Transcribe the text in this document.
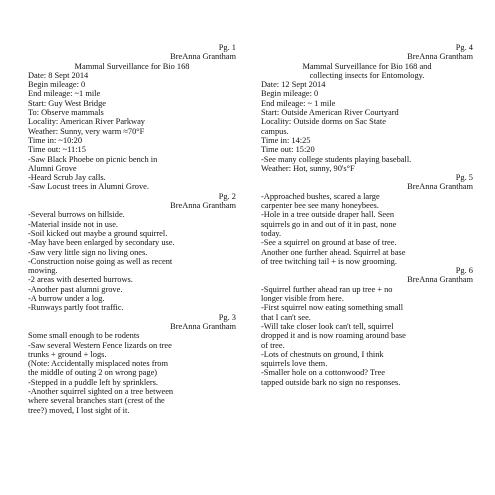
Pg. 1
BreAnna Grantham
Mammal Surveillance for Bio 168
Date: 8 Sept 2014
Begin mileage: 0
End mileage: ~1 mile
Start: Guy West Bridge
To: Observe mammals
Locality: American River Parkway
Weather: Sunny, very warm ≈70°F
Time in: ~10:20
Time out: ~11:15
-Saw Black Phoebe on picnic bench in
Alumni Grove
-Heard Scrub Jay calls.
-Saw Locust trees in Alumni Grove.
Pg. 2
BreAnna Grantham
-Several burrows on hillside.
-Material inside not in use.
-Soil kicked out maybe a ground squirrel.
-May have been enlarged by secondary use.
-Saw very little sign no living ones.
-Construction noise going as well as recent
mowing.
-2 areas with deserted burrows.
-Another past alumni grove.
-A burrow under a log.
-Runways partly foot traffic.
Pg. 3
BreAnna Grantham
Some small enough to be rodents
-Saw several Western Fence lizards on tree
trunks + ground + logs.
(Note: Accidentally misplaced notes from
the middle of outing 2 on wrong page)
-Stepped in a puddle left by sprinklers.
-Another squirrel sighted on a tree between
where several branches start (crest of the
tree?) moved, I lost sight of it.
Pg. 4
BreAnna Grantham
Mammal Surveillance for Bio 168 and
collecting insects for Entomology.
Date: 12 Sept 2014
Begin mileage: 0
End mileage: ~ 1 mile
Start: Outside American River Courtyard
Locality: Outside dorms on Sac State
campus.
Time in: 14:25
Time out: 15:20
-See many college students playing baseball.
Weather: Hot, sunny, 90's°F
Pg. 5
BreAnna Grantham
-Approached bushes, scared a large
carpenter bee see many honeybees.
-Hole in a tree outside draper hall. Seen
squirrels go in and out of it in past, none
today.
-See a squirrel on ground at base of tree.
Another one further ahead. Squirrel at base
of tree twitching tail + is now grooming.
Pg. 6
BreAnna Grantham
-Squirrel further ahead ran up tree + no
longer visible from here.
-First squirrel now eating something small
that I can't see.
-Will take closer look can't tell, squirrel
dropped it and is now roaming around base
of tree.
-Lots of chestnuts on ground, I think
squirrels love them.
-Smaller hole on a cottonwood? Tree
tapped outside bark no sign no responses.
